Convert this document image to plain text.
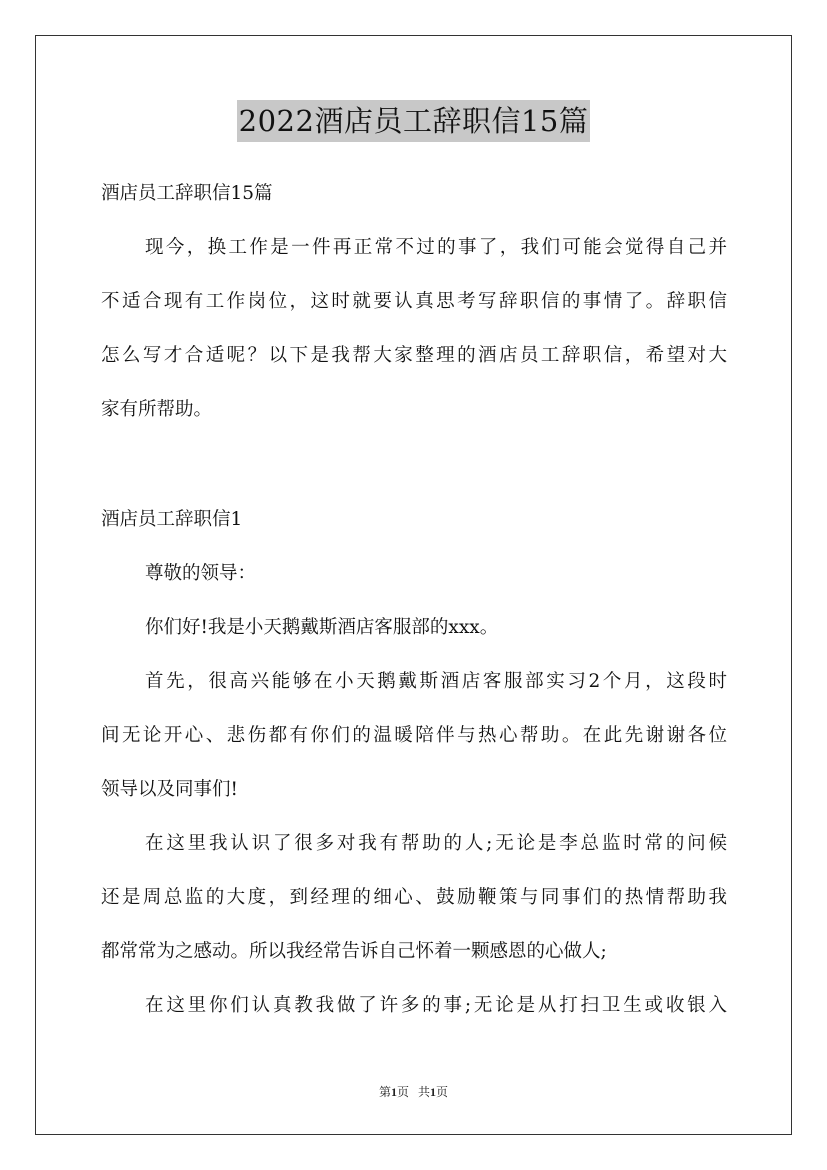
2022酒店员工辞职信15篇
酒店员工辞职信15篇
现今，换工作是一件再正常不过的事了，我们可能会觉得自己并
不适合现有工作岗位，这时就要认真思考写辞职信的事情了。辞职信
怎么写才合适呢？以下是我帮大家整理的酒店员工辞职信，希望对大
家有所帮助。
酒店员工辞职信1
尊敬的领导：
你们好!我是小天鹅戴斯酒店客服部的xxx。
首先，很高兴能够在小天鹅戴斯酒店客服部实习2个月，这段时
间无论开心、悲伤都有你们的温暖陪伴与热心帮助。在此先谢谢各位
领导以及同事们!
在这里我认识了很多对我有帮助的人;无论是李总监时常的问候
还是周总监的大度，到经理的细心、鼓励鞭策与同事们的热情帮助我
都常常为之感动。所以我经常告诉自己怀着一颗感恩的心做人;
在这里你们认真教我做了许多的事;无论是从打扫卫生或收银入
第1页 共1页
